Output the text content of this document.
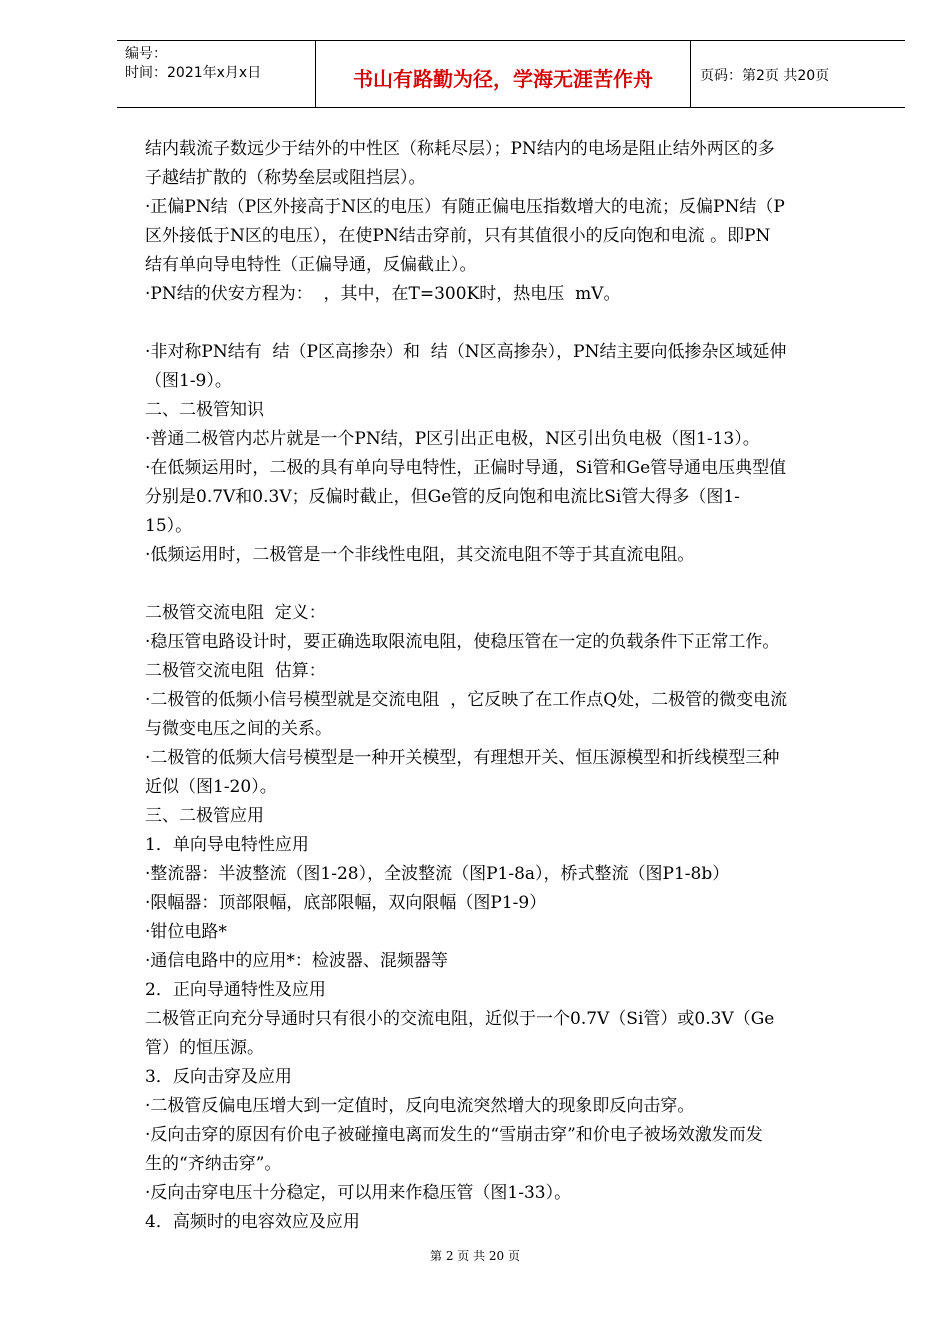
编号：
时间：2021年x月x日	书山有路勤为径，学海无涯苦作舟	页码：第2页 共20页

结内载流子数远少于结外的中性区（称耗尽层）；PN结内的电场是阻止结外两区的多

子越结扩散的（称势垒层或阻挡层）。

·正偏PN结（P区外接高于N区的电压）有随正偏电压指数增大的电流；反偏PN结（P

区外接低于N区的电压），在使PN结击穿前，只有其值很小的反向饱和电流 。即PN

结有单向导电特性（正偏导通，反偏截止）。

·PN结的伏安方程为：  ，其中，在T=300K时，热电压  mV。

·非对称PN结有  结（P区高掺杂）和  结（N区高掺杂），PN结主要向低掺杂区域延伸

（图1-9）。

二、二极管知识

·普通二极管内芯片就是一个PN结，P区引出正电极，N区引出负电极（图1-13）。

·在低频运用时，二极的具有单向导电特性，正偏时导通，Si管和Ge管导通电压典型值

分别是0.7V和0.3V；反偏时截止，但Ge管的反向饱和电流比Si管大得多（图1-

15）。

·低频运用时，二极管是一个非线性电阻，其交流电阻不等于其直流电阻。

二极管交流电阻  定义：

·稳压管电路设计时，要正确选取限流电阻，使稳压管在一定的负载条件下正常工作。

二极管交流电阻  估算：

·二极管的低频小信号模型就是交流电阻  ，它反映了在工作点Q处，二极管的微变电流

与微变电压之间的关系。

·二极管的低频大信号模型是一种开关模型，有理想开关、恒压源模型和折线模型三种

近似（图1-20）。

三、二极管应用

1．单向导电特性应用

·整流器：半波整流（图1-28），全波整流（图P1-8a），桥式整流（图P1-8b）

·限幅器：顶部限幅，底部限幅，双向限幅（图P1-9）

·钳位电路*

·通信电路中的应用*：检波器、混频器等

2．正向导通特性及应用

二极管正向充分导通时只有很小的交流电阻，近似于一个0.7V（Si管）或0.3V（Ge

管）的恒压源。

3．反向击穿及应用

·二极管反偏电压增大到一定值时，反向电流突然增大的现象即反向击穿。

·反向击穿的原因有价电子被碰撞电离而发生的“雪崩击穿”和价电子被场效激发而发

生的“齐纳击穿”。

·反向击穿电压十分稳定，可以用来作稳压管（图1-33）。

4．高频时的电容效应及应用

第 2 页 共 20 页
